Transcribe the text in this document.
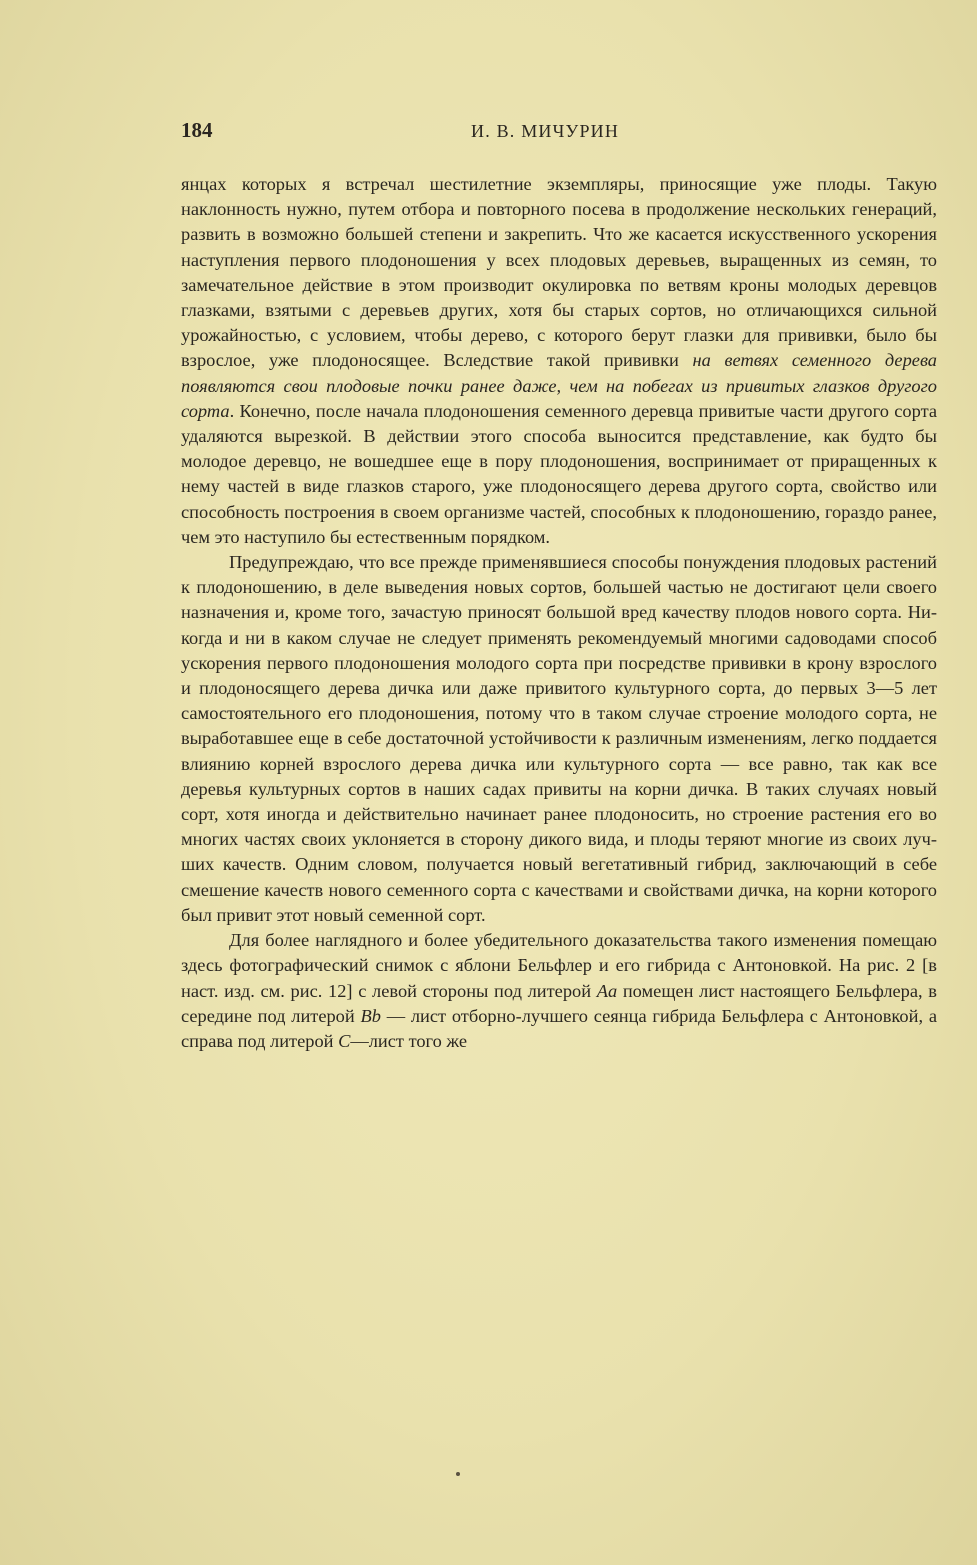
184	И. В. МИЧУРИН

янцах которых я встречал шестилетние экземпляры, приносящие уже плоды. Такую наклонность нужно, путем отбора и повторного посева в продолжение нескольких генераций, развить в возможно большей степени и закрепить. Что же касается искусственного ускорения наступления первого плодоношения у всех плодовых деревьев, выращенных из семян, то замечательное действие в этом производит окулировка по ветвям кроны молодых деревцов глазками, взятыми с деревьев других, хотя бы старых сортов, но отличающихся сильной урожайностью, с условием, чтобы дерево, с которого берут глазки для прививки, было бы взрослое, уже плодоносящее. Вследствие такой прививки на ветвях семенного дерева появляются свои плодовые почки ранее даже, чем на побегах из привитых глазков другого сорта. Конечно, после начала плодоношения семенного деревца привитые части другого сорта удаляются вырезкой. В действии этого способа выносится представление, как будто бы молодое деревцо, не вошедшее еще в пору плодоношения, воспринимает от приращенных к нему частей в виде глазков старого, уже плодоносящего дерева другого сорта, свойство или способность построения в своем организме частей, способных к плодоношению, гораздо ранее, чем это наступило бы естественным порядком.

Предупреждаю, что все прежде применявшиеся способы понуждения плодовых растений к плодоношению, в деле выведения новых сортов, большей частью не достигают цели своего назначения и, кроме того, зачастую приносят большой вред качеству плодов нового сорта. Никогда и ни в каком случае не следует применять рекомендуемый многими садоводами способ ускорения первого плодоношения молодого сорта при посредстве прививки в крону взрослого и плодоносящего дерева дичка или даже привитого культурного сорта, до первых 3—5 лет самостоятельного его плодоношения, потому что в таком случае строение молодого сорта, не выработавшее еще в себе достаточной устойчивости к различным изменениям, легко поддается влиянию корней взрослого дерева дичка или культурного сорта — все равно, так как все деревья культурных сортов в наших садах привиты на корни дичка. В таких случаях новый сорт, хотя иногда и действительно начинает ранее плодоносить, но строение растения его во многих частях своих уклоняется в сторону дикого вида, и плоды теряют многие из своих лучших качеств. Одним словом, получается новый вегетативный гибрид, заключающий в себе смешение качеств нового семенного сорта с качествами и свойствами дичка, на корни которого был привит этот новый семенной сорт.

Для более наглядного и более убедительного доказательства такого изменения помещаю здесь фотографический снимок с яблони Бельфлер и его гибрида с Антоновкой. На рис. 2 [в наст. изд. см. рис. 12] с левой стороны под литерой Aa помещен лист настоящего Бельфлера, в середине под литерой Bb — лист отборно-лучшего сеянца гибрида Бельфлера с Антоновкой, а справа под литерой C—лист того же
